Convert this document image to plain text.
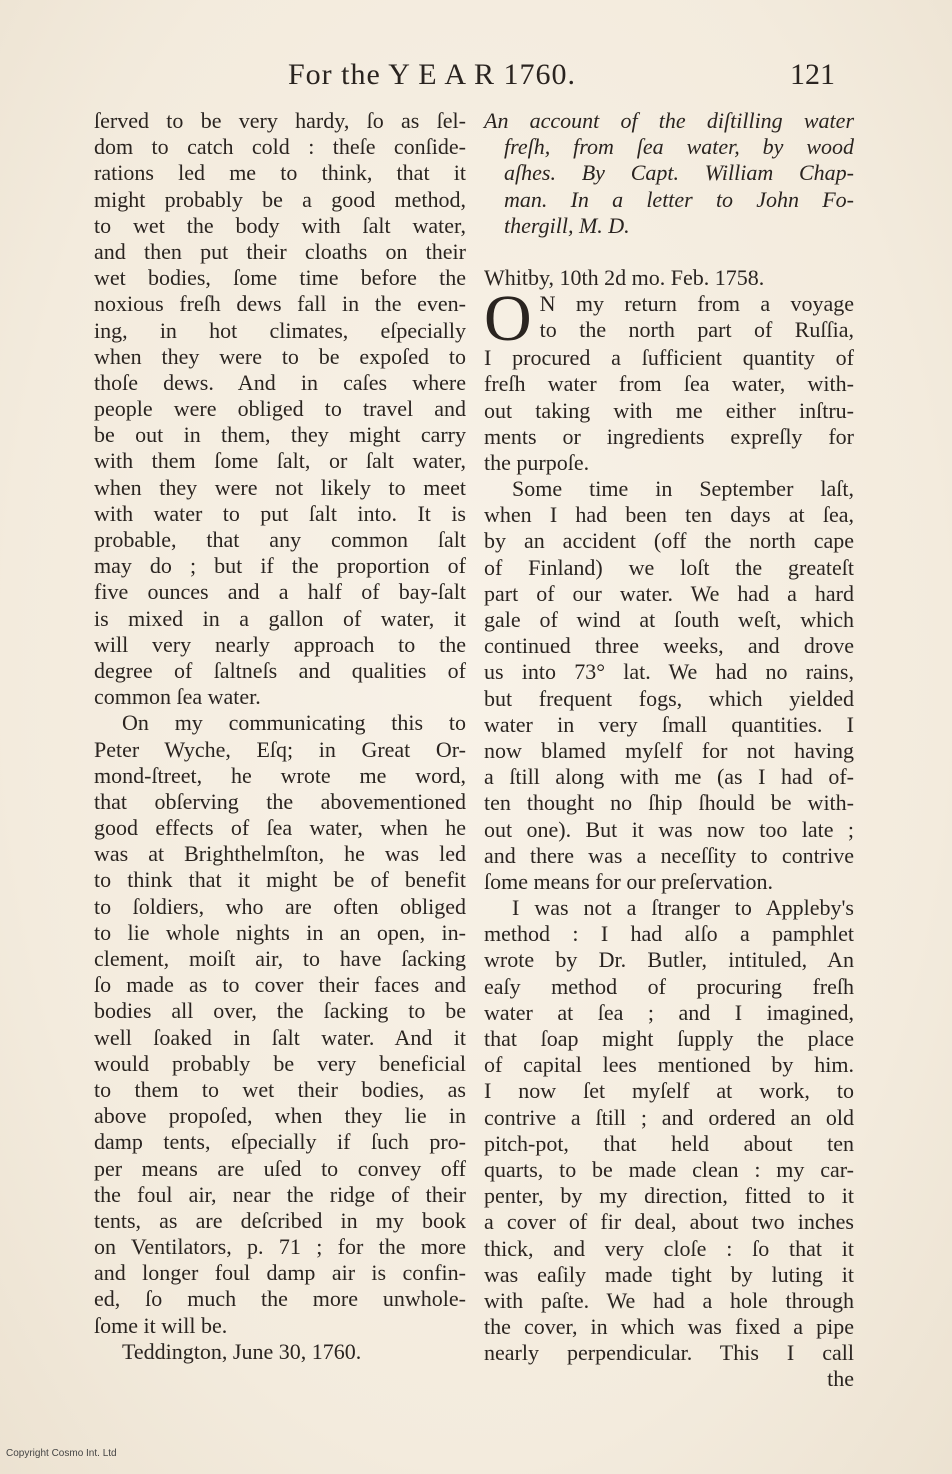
For the Y E A R 1760.	121
ſerved to be very hardy, ſo as ſel-
dom to catch cold : theſe conſide-
rations led me to think, that it
might probably be a good method,
to wet the body with ſalt water,
and then put their cloaths on their
wet bodies, ſome time before the
noxious freſh dews fall in the even-
ing, in hot climates, eſpecially
when they were to be expoſed to
thoſe dews. And in caſes where
people were obliged to travel and
be out in them, they might carry
with them ſome ſalt, or ſalt water,
when they were not likely to meet
with water to put ſalt into. It is
probable, that any common ſalt
may do ; but if the proportion of
five ounces and a half of bay-ſalt
is mixed in a gallon of water, it
will very nearly approach to the
degree of ſaltneſs and qualities of
common ſea water.
On my communicating this to
Peter Wyche, Eſq; in Great Or-
mond-ſtreet, he wrote me word,
that obſerving the abovementioned
good effects of ſea water, when he
was at Brighthelmſton, he was led
to think that it might be of benefit
to ſoldiers, who are often obliged
to lie whole nights in an open, in-
clement, moiſt air, to have ſacking
ſo made as to cover their faces and
bodies all over, the ſacking to be
well ſoaked in ſalt water. And it
would probably be very beneficial
to them to wet their bodies, as
above propoſed, when they lie in
damp tents, eſpecially if ſuch pro-
per means are uſed to convey off
the foul air, near the ridge of their
tents, as are deſcribed in my book
on Ventilators, p. 71 ; for the more
and longer foul damp air is confin-
ed, ſo much the more unwhole-
ſome it will be.
Teddington, June 30, 1760.
An account of the diſtilling water
freſh, from ſea water, by wood
aſhes. By Capt. William Chap-
man. In a letter to John Fo-
thergill, M. D.
Whitby, 10th 2d mo. Feb. 1758.
O N my return from a voyage
to the north part of Ruſſia,
I procured a ſufficient quantity of
freſh water from ſea water, with-
out taking with me either inſtru-
ments or ingredients expreſly for
the purpoſe.
Some time in September laſt,
when I had been ten days at ſea,
by an accident (off the north cape
of Finland) we loſt the greateſt
part of our water. We had a hard
gale of wind at ſouth weſt, which
continued three weeks, and drove
us into 73° lat. We had no rains,
but frequent fogs, which yielded
water in very ſmall quantities. I
now blamed myſelf for not having
a ſtill along with me (as I had of-
ten thought no ſhip ſhould be with-
out one). But it was now too late ;
and there was a neceſſity to contrive
ſome means for our preſervation.
I was not a ſtranger to Appleby's
method : I had alſo a pamphlet
wrote by Dr. Butler, intituled, An
eaſy method of procuring freſh
water at ſea ; and I imagined,
that ſoap might ſupply the place
of capital lees mentioned by him.
I now ſet myſelf at work, to
contrive a ſtill ; and ordered an old
pitch-pot, that held about ten
quarts, to be made clean : my car-
penter, by my direction, fitted to it
a cover of fir deal, about two inches
thick, and very cloſe : ſo that it
was eaſily made tight by luting it
with paſte. We had a hole through
the cover, in which was fixed a pipe
nearly perpendicular. This I call
the
Copyright Cosmo Int. Ltd
